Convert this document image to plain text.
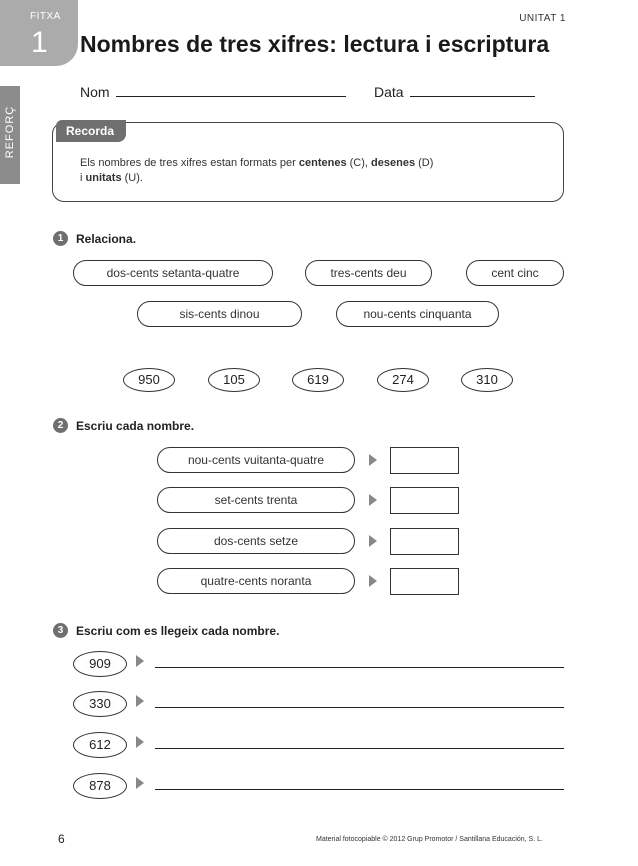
FITXA
1
UNITAT 1
Nombres de tres xifres: lectura i escriptura
REFORÇ
Nom	Data
Recorda
Els nombres de tres xifres estan formats per centenes (C), desenes (D)
i unitats (U).
1	Relaciona.
dos-cents setanta-quatre	tres-cents deu	cent cinc
sis-cents dinou	nou-cents cinquanta
950	105	619	274	310
2	Escriu cada nombre.
nou-cents vuitanta-quatre
set-cents trenta
dos-cents setze
quatre-cents noranta
3	Escriu com es llegeix cada nombre.
909
330
612
878
6	Material fotocopiable © 2012 Grup Promotor / Santillana Educación, S. L.
